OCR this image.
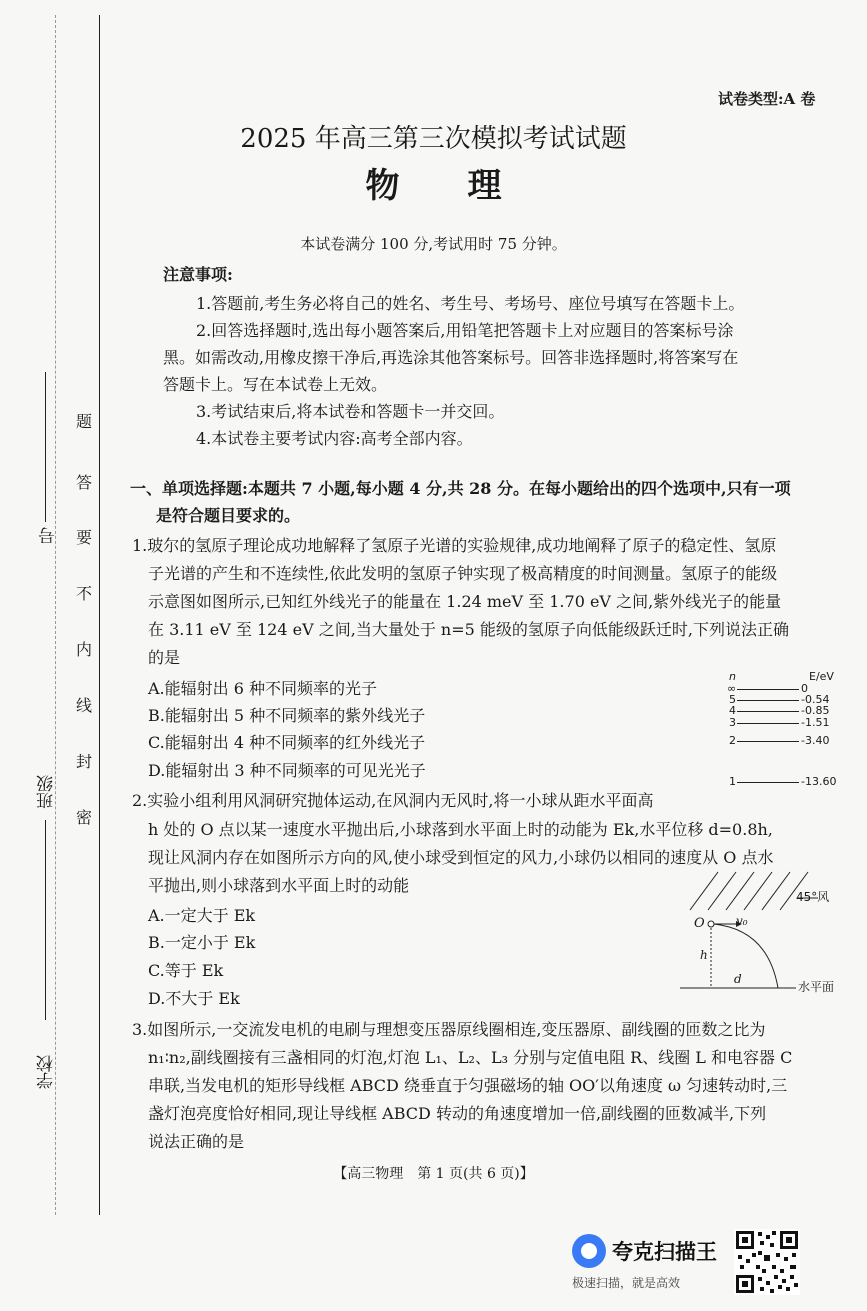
题
答
要
不
内
线
封
密
号
班级
学校
试卷类型:A 卷
2025 年高三第三次模拟考试试题
物　　理
本试卷满分 100 分,考试用时 75 分钟。
注意事项:
1.答题前,考生务必将自己的姓名、考生号、考场号、座位号填写在答题卡上。
2.回答选择题时,选出每小题答案后,用铅笔把答题卡上对应题目的答案标号涂
黑。如需改动,用橡皮擦干净后,再选涂其他答案标号。回答非选择题时,将答案写在
答题卡上。写在本试卷上无效。
3.考试结束后,将本试卷和答题卡一并交回。
4.本试卷主要考试内容:高考全部内容。
一、单项选择题:本题共 7 小题,每小题 4 分,共 28 分。在每小题给出的四个选项中,只有一项
是符合题目要求的。
1.玻尔的氢原子理论成功地解释了氢原子光谱的实验规律,成功地阐释了原子的稳定性、氢原
子光谱的产生和不连续性,依此发明的氢原子钟实现了极高精度的时间测量。氢原子的能级
示意图如图所示,已知红外线光子的能量在 1.24 meV 至 1.70 eV 之间,紫外线光子的能量
在 3.11 eV 至 124 eV 之间,当大量处于 n=5 能级的氢原子向低能级跃迁时,下列说法正确
的是
A.能辐射出 6 种不同频率的光子
B.能辐射出 5 种不同频率的紫外线光子
C.能辐射出 4 种不同频率的红外线光子
D.能辐射出 3 种不同频率的可见光光子
n	E/eV
∞	0
5	-0.54
4	-0.85
3	-1.51
2	-3.40
1	-13.60
2.实验小组利用风洞研究抛体运动,在风洞内无风时,将一小球从距水平面高
h 处的 O 点以某一速度水平抛出后,小球落到水平面上时的动能为 Ek,水平位移 d=0.8h,
现让风洞内存在如图所示方向的风,使小球受到恒定的风力,小球仍以相同的速度从 O 点水
平抛出,则小球落到水平面上时的动能
A.一定大于 Ek
B.一定小于 Ek
C.等于 Ek
D.不大于 Ek
45°风
O	v₀
h
d
水平面
3.如图所示,一交流发电机的电刷与理想变压器原线圈相连,变压器原、副线圈的匝数之比为
n₁∶n₂,副线圈接有三盏相同的灯泡,灯泡 L₁、L₂、L₃ 分别与定值电阻 R、线圈 L 和电容器 C
串联,当发电机的矩形导线框 ABCD 绕垂直于匀强磁场的轴 OO′以角速度 ω 匀速转动时,三
盏灯泡亮度恰好相同,现让导线框 ABCD 转动的角速度增加一倍,副线圈的匝数减半,下列
说法正确的是
【高三物理　第 1 页(共 6 页)】
夸克扫描王
极速扫描，就是高效
